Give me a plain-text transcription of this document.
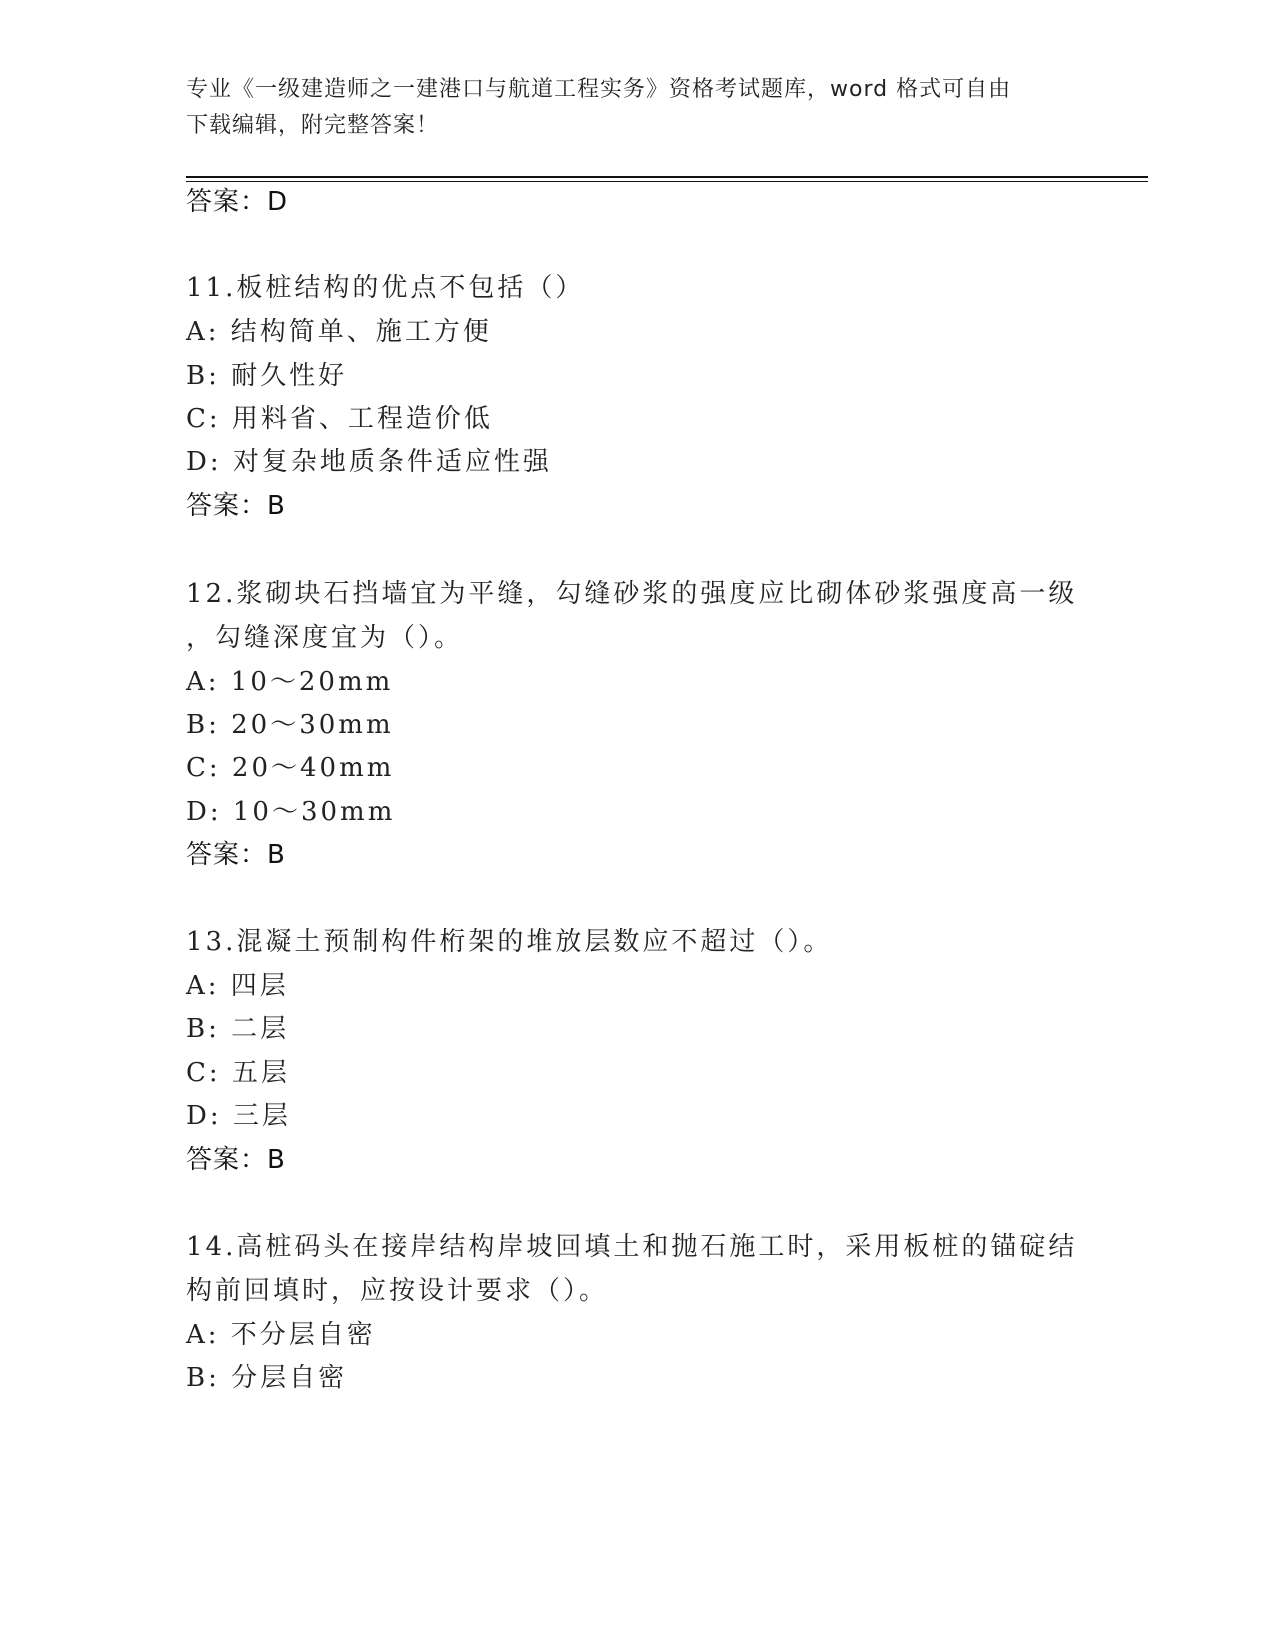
专业《一级建造师之一建港口与航道工程实务》资格考试题库，word 格式可自由
下载编辑，附完整答案！

答案：D

11.板桩结构的优点不包括（）

A: 结构简单、施工方便

B: 耐久性好

C: 用料省、工程造价低

D: 对复杂地质条件适应性强

答案：B

12.浆砌块石挡墙宜为平缝，勾缝砂浆的强度应比砌体砂浆强度高一级

，勾缝深度宜为（）。

A: 10～20mm

B: 20～30mm

C: 20～40mm

D: 10～30mm

答案：B

13.混凝土预制构件桁架的堆放层数应不超过（）。

A: 四层

B: 二层

C: 五层

D: 三层

答案：B

14.高桩码头在接岸结构岸坡回填土和抛石施工时，采用板桩的锚碇结

构前回填时，应按设计要求（）。

A: 不分层自密

B: 分层自密
